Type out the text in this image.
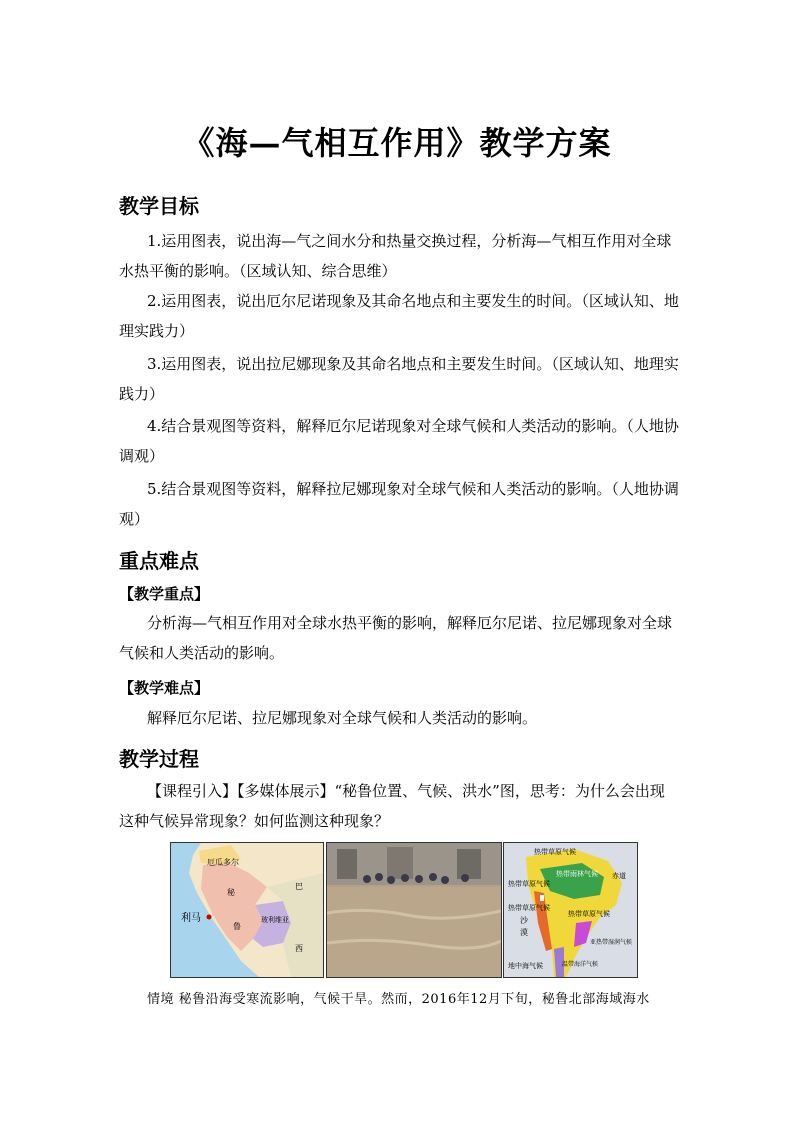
《海—气相互作用》教学方案
教学目标
1.运用图表，说出海—气之间水分和热量交换过程，分析海—气相互作用对全球水热平衡的影响。（区域认知、综合思维）
2.运用图表，说出厄尔尼诺现象及其命名地点和主要发生的时间。（区域认知、地理实践力）
3.运用图表，说出拉尼娜现象及其命名地点和主要发生时间。（区域认知、地理实践力）
4.结合景观图等资料，解释厄尔尼诺现象对全球气候和人类活动的影响。（人地协调观）
5.结合景观图等资料，解释拉尼娜现象对全球气候和人类活动的影响。（人地协调观）
重点难点
【教学重点】
分析海—气相互作用对全球水热平衡的影响，解释厄尔尼诺、拉尼娜现象对全球气候和人类活动的影响。
【教学难点】
解释厄尔尼诺、拉尼娜现象对全球气候和人类活动的影响。
教学过程
【课程引入】【多媒体展示】“秘鲁位置、气候、洪水”图，思考：为什么会出现这种气候异常现象？如何监测这种现象？
厄瓜多尔
利马
秘
鲁
玻利维亚
巴
西
热带草原气候
热带雨林气候
热带草原气候
热带草原气候
热带草原气候
沙
漠
赤道
地中海气候	温带海洋气候
亚热带湿润气候
情境 秘鲁沿海受寒流影响，气候干旱。然而，2016年12月下旬，秘鲁北部海域海水
